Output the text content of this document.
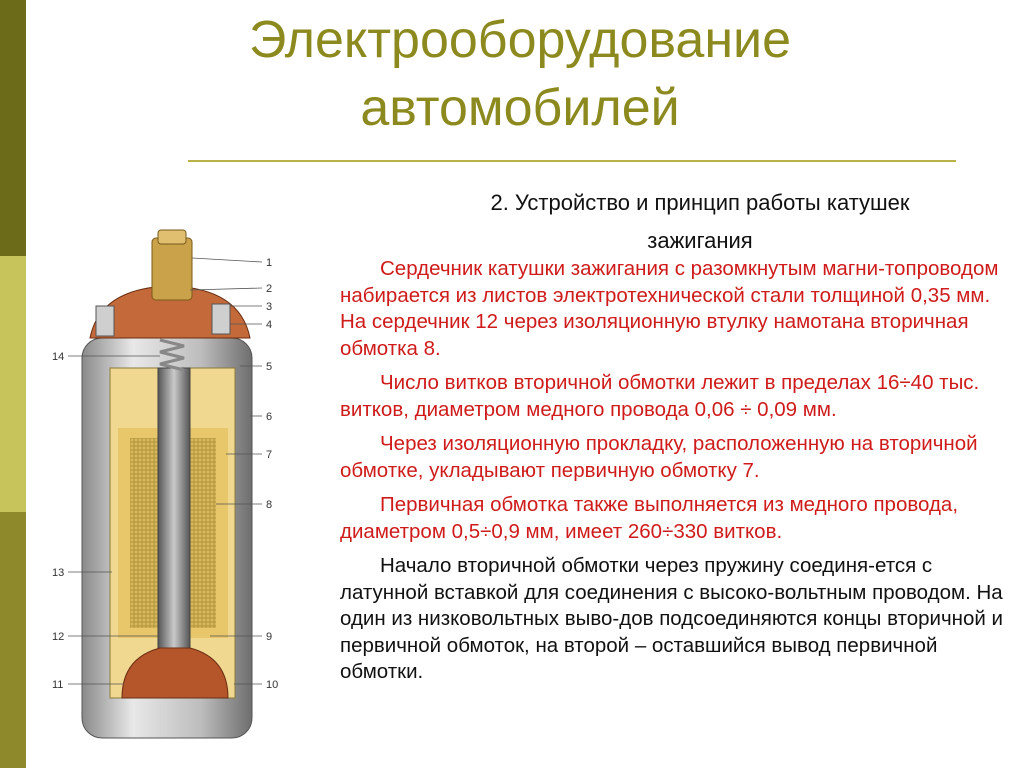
Электрооборудование
автомобилей
2. Устройство и принцип работы катушек
зажигания

Сердечник катушки зажигания с разомкнутым магни-топроводом набирается из листов электротехнической стали толщиной 0,35 мм. На сердечник 12 через изоляционную втулку намотана вторичная обмотка 8.

Число витков вторичной обмотки лежит в пределах 16÷40 тыс. витков, диаметром медного провода 0,06 ÷ 0,09 мм.

Через изоляционную прокладку, расположенную на вторичной обмотке, укладывают первичную обмотку 7.

Первичная обмотка также выполняется из медного провода, диаметром 0,5÷0,9 мм, имеет 260÷330 витков.

Начало вторичной обмотки через пружину соединя-ется с латунной вставкой для соединения с высоко-вольтным проводом. На один из низковольтных выво-дов подсоединяются концы вторичной и первичной обмоток, на второй – оставшийся вывод первичной обмотки.

1
2
3
4
5
6
7
8
9
10
11
12
13
14
